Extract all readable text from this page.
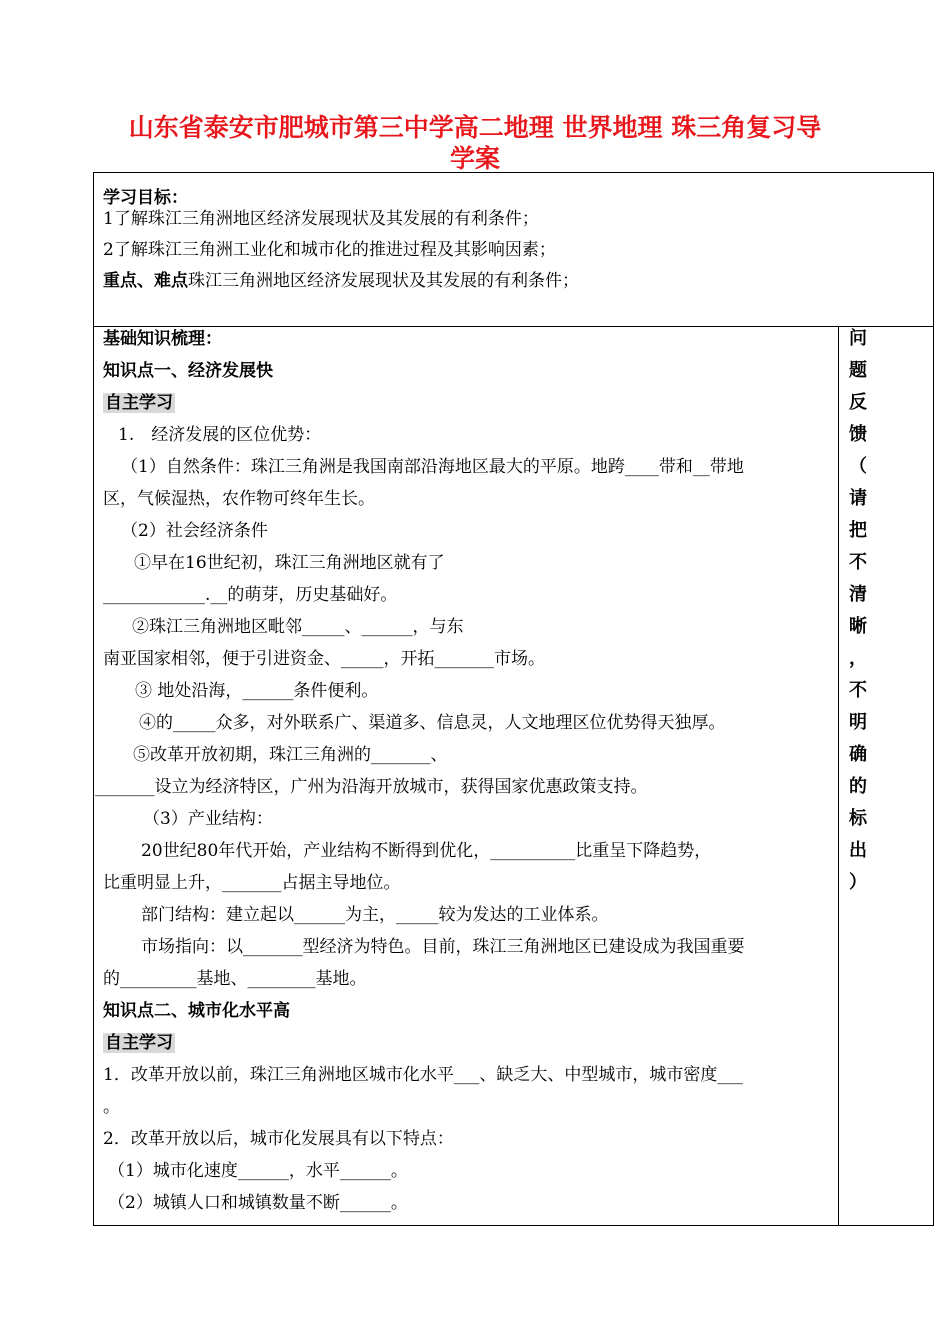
山东省泰安市肥城市第三中学高二地理 世界地理 珠三角复习导
学案
学习目标：
1了解珠江三角洲地区经济发展现状及其发展的有利条件；
2了解珠江三角洲工业化和城市化的推进过程及其影响因素；
重点、难点珠江三角洲地区经济发展现状及其发展的有利条件；
基础知识梳理：
知识点一、经济发展快
自主学习
1.　经济发展的区位优势：
（1）自然条件：珠江三角洲是我国南部沿海地区最大的平原。地跨____带和__带地
区，气候湿热，农作物可终年生长。
（2）社会经济条件
①早在16世纪初，珠江三角洲地区就有了
____________.__的萌芽，历史基础好。
②珠江三角洲地区毗邻_____、______，与东
南亚国家相邻，便于引进资金、_____，开拓_______市场。
③ 地处沿海，______条件便利。
④的_____众多，对外联系广、渠道多、信息灵，人文地理区位优势得天独厚。
⑤改革开放初期，珠江三角洲的_______、
_______设立为经济特区，广州为沿海开放城市，获得国家优惠政策支持。
（3）产业结构：
20世纪80年代开始，产业结构不断得到优化，__________比重呈下降趋势，
比重明显上升，_______占据主导地位。
部门结构：建立起以______为主，_____较为发达的工业体系。
市场指向：以_______型经济为特色。目前，珠江三角洲地区已建设成为我国重要
的_________基地、________基地。
知识点二、城市化水平高
自主学习
1．改革开放以前，珠江三角洲地区城市化水平___、缺乏大、中型城市，城市密度___
。
2．改革开放以后，城市化发展具有以下特点：
（1）城市化速度______，水平______。
（2）城镇人口和城镇数量不断______。
问
题
反
馈
（
请
把
不
清
晰
，
不
明
确
的
标
出
）
